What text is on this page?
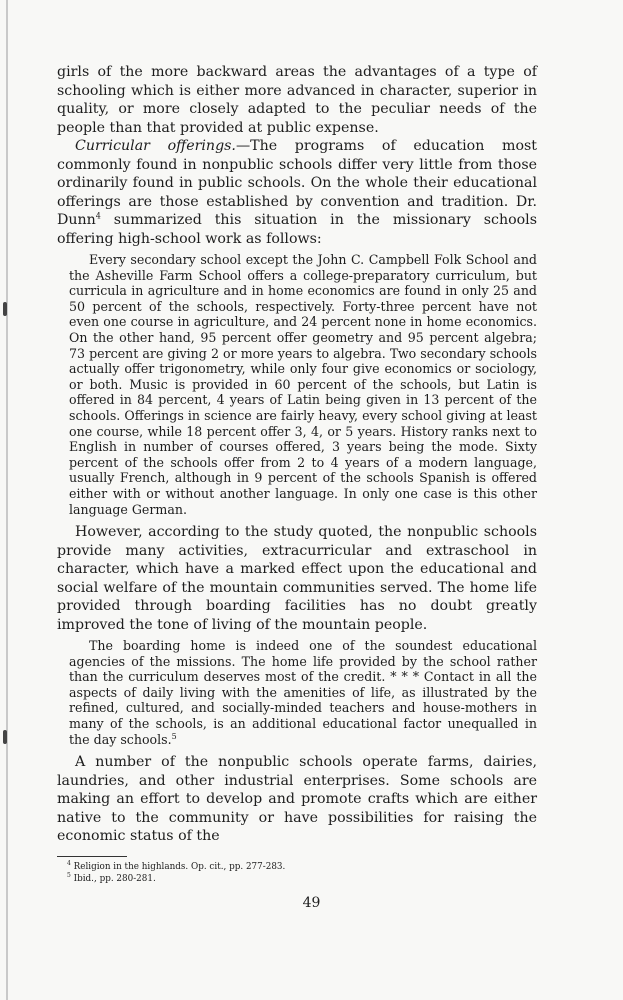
girls of the more backward areas the advantages of a type of schooling which is either more advanced in character, superior in quality, or more closely adapted to the peculiar needs of the people than that provided at public expense.

Curricular offerings.—The programs of education most commonly found in nonpublic schools differ very little from those ordinarily found in public schools. On the whole their educational offerings are those established by convention and tradition. Dr. Dunn$^4$ summarized this situation in the missionary schools offering high-school work as follows:

Every secondary school except the John C. Campbell Folk School and the Asheville Farm School offers a college-preparatory curriculum, but curricula in agriculture and in home economics are found in only 25 and 50 percent of the schools, respectively. Forty-three percent have not even one course in agriculture, and 24 percent none in home economics. On the other hand, 95 percent offer geometry and 95 percent algebra; 73 percent are giving 2 or more years to algebra. Two secondary schools actually offer trigonometry, while only four give economics or sociology, or both. Music is provided in 60 percent of the schools, but Latin is offered in 84 percent, 4 years of Latin being given in 13 percent of the schools. Offerings in science are fairly heavy, every school giving at least one course, while 18 percent offer 3, 4, or 5 years. History ranks next to English in number of courses offered, 3 years being the mode. Sixty percent of the schools offer from 2 to 4 years of a modern language, usually French, although in 9 percent of the schools Spanish is offered either with or without another language. In only one case is this other language German.

However, according to the study quoted, the nonpublic schools provide many activities, extracurricular and extraschool in character, which have a marked effect upon the educational and social welfare of the mountain communities served. The home life provided through boarding facilities has no doubt greatly improved the tone of living of the mountain people.

The boarding home is indeed one of the soundest educational agencies of the missions. The home life provided by the school rather than the curriculum deserves most of the credit. * * * Contact in all the aspects of daily living with the amenities of life, as illustrated by the refined, cultured, and socially-minded teachers and house-mothers in many of the schools, is an additional educational factor unequalled in the day schools.$^5$

A number of the nonpublic schools operate farms, dairies, laundries, and other industrial enterprises. Some schools are making an effort to develop and promote crafts which are either native to the community or have possibilities for raising the economic status of the

$^4$ Religion in the highlands. Op. cit., pp. 277-283.

$^5$ Ibid., pp. 280-281.

49
